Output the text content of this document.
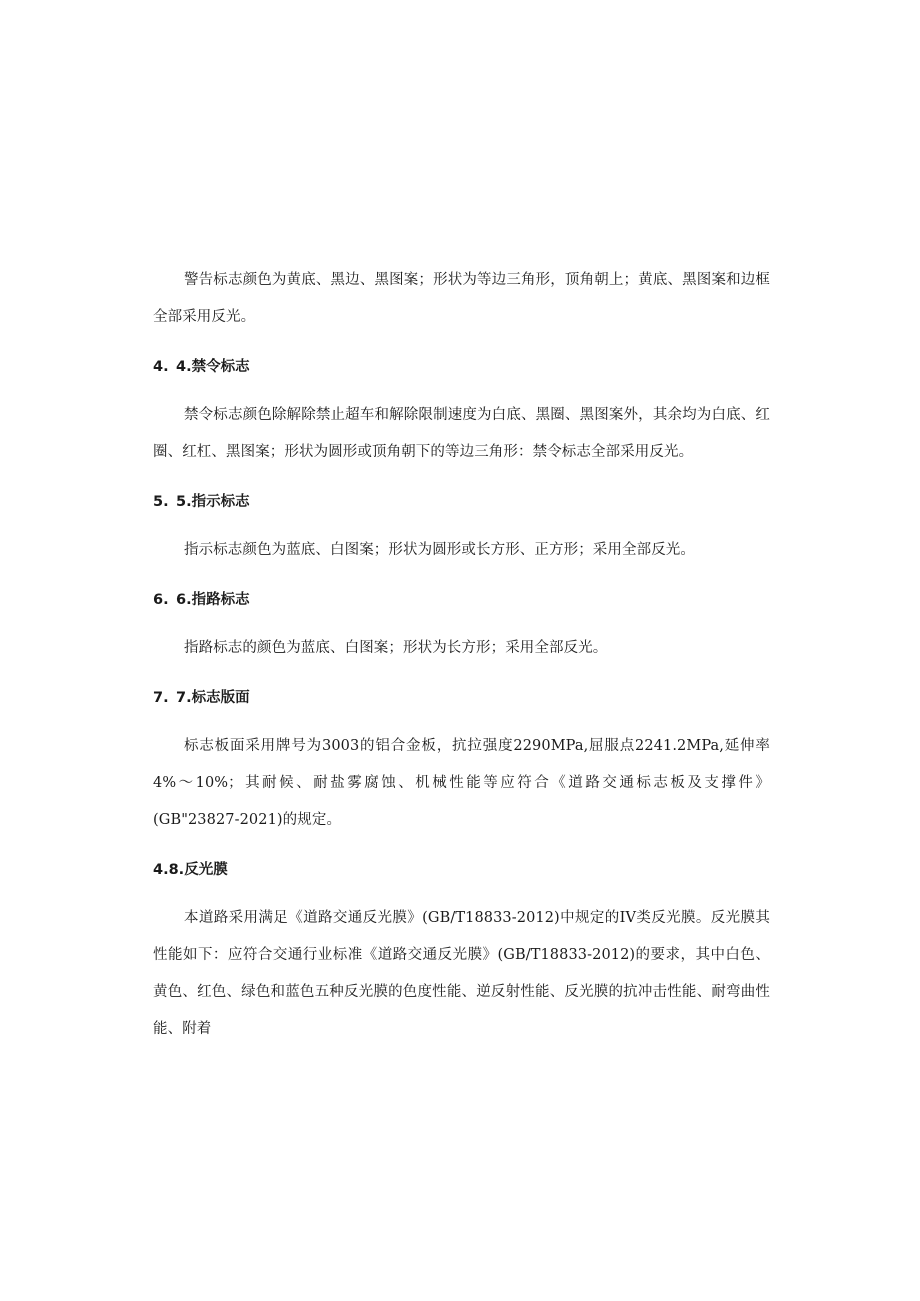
警告标志颜色为黄底、黑边、黑图案；形状为等边三角形，顶角朝上；黄底、黑图案和边框全部采用反光。

4. 4.禁令标志

禁令标志颜色除解除禁止超车和解除限制速度为白底、黑圈、黑图案外，其余均为白底、红圈、红杠、黑图案；形状为圆形或顶角朝下的等边三角形：禁令标志全部采用反光。

5. 5.指示标志

指示标志颜色为蓝底、白图案；形状为圆形或长方形、正方形；采用全部反光。

6. 6.指路标志

指路标志的颜色为蓝底、白图案；形状为长方形；采用全部反光。

7. 7.标志版面

标志板面采用牌号为3003的铝合金板，抗拉强度2290MPa,屈服点2241.2MPa,延伸率4%〜10%；其耐候、耐盐雾腐蚀、机械性能等应符合《道路交通标志板及支撑件》(GB"23827-2021)的规定。

4.8.反光膜

本道路采用满足《道路交通反光膜》(GB/T18833-2012)中规定的IV类反光膜。反光膜其性能如下：应符合交通行业标准《道路交通反光膜》(GB/T18833-2012)的要求，其中白色、黄色、红色、绿色和蓝色五种反光膜的色度性能、逆反射性能、反光膜的抗冲击性能、耐弯曲性能、附着
